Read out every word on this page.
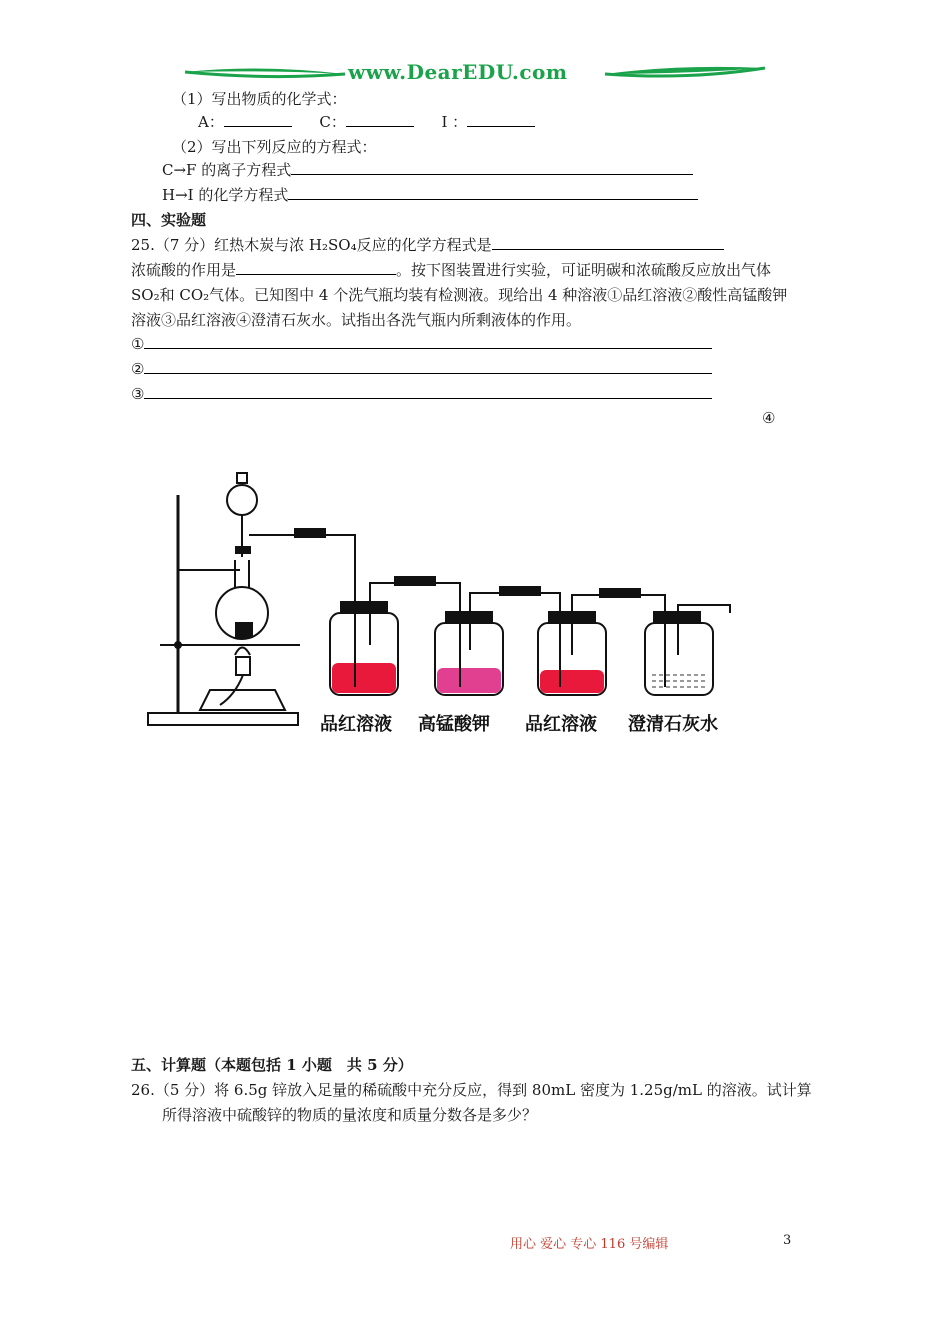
www.DearEDU.com
（1）写出物质的化学式：
A：	C：	I ：
（2）写出下列反应的方程式：
C→F 的离子方程式
H→I 的化学方程式
四、实验题
25.（7 分）红热木炭与浓 H₂SO₄反应的化学方程式是
浓硫酸的作用是	。按下图装置进行实验，可证明碳和浓硫酸反应放出气体
SO₂和 CO₂气体。已知图中 4 个洗气瓶均装有检测液。现给出 4 种溶液①品红溶液②酸性高锰酸钾
溶液③品红溶液④澄清石灰水。试指出各洗气瓶内所剩液体的作用。
①
②
③
④
品红溶液 高锰酸钾 品红溶液 澄清石灰水
五、计算题（本题包括 1 小题　共 5 分）
26.（5 分）将 6.5g 锌放入足量的稀硫酸中充分反应，得到 80mL 密度为 1.25g/mL 的溶液。试计算
所得溶液中硫酸锌的物质的量浓度和质量分数各是多少？
用心 爱心 专心 116 号编辑	3
